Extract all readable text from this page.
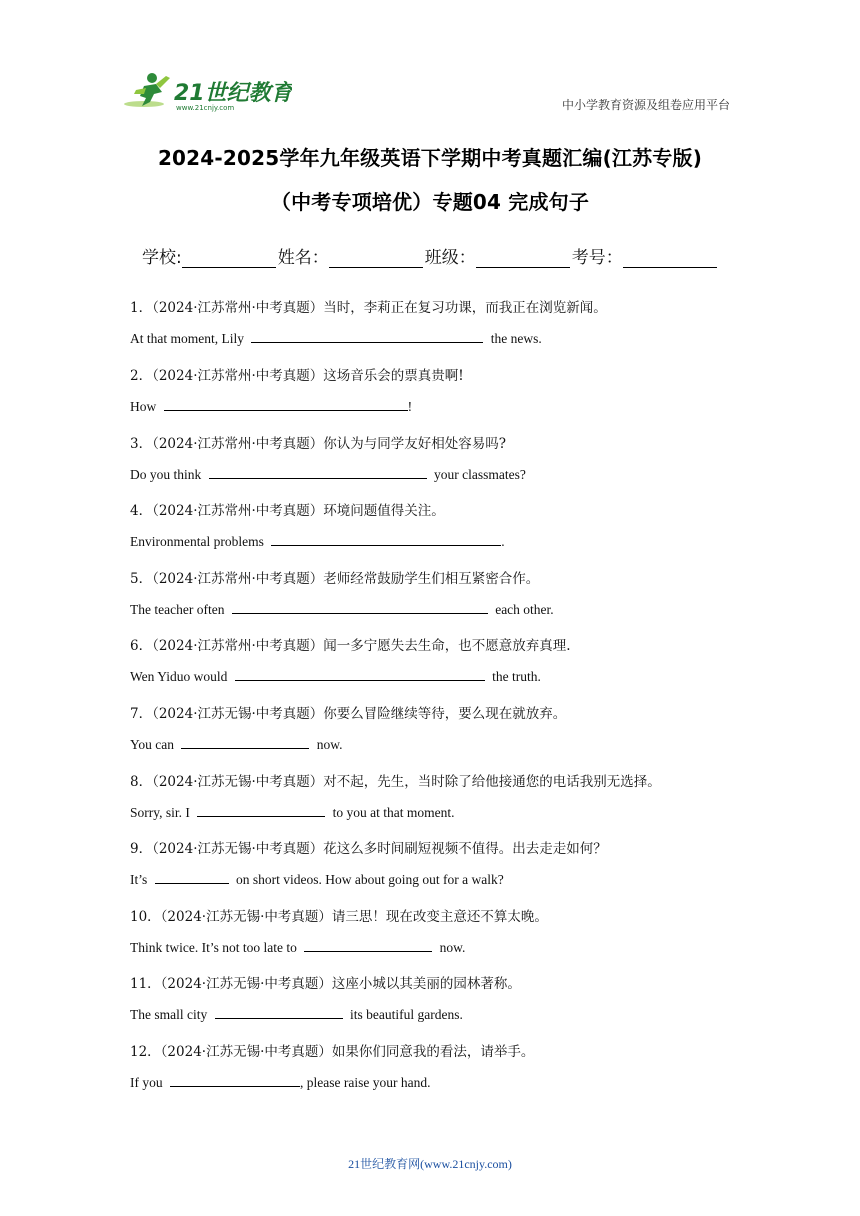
21世纪教育
www.21cnjy.com	中小学教育资源及组卷应用平台
2024-2025学年九年级英语下学期中考真题汇编(江苏专版)
（中考专项培优）专题04 完成句子
学校:	姓名：	班级：	考号：
1．（2024·江苏常州·中考真题）当时，李莉正在复习功课，而我正在浏览新闻。
At that moment, Lily	the news.
2．（2024·江苏常州·中考真题）这场音乐会的票真贵啊!
How	!
3．（2024·江苏常州·中考真题）你认为与同学友好相处容易吗?
Do you think	your classmates?
4．（2024·江苏常州·中考真题）环境问题值得关注。
Environmental problems	.
5．（2024·江苏常州·中考真题）老师经常鼓励学生们相互紧密合作。
The teacher often	each other.
6．（2024·江苏常州·中考真题）闻一多宁愿失去生命，也不愿意放弃真理.
Wen Yiduo would	the truth.
7．（2024·江苏无锡·中考真题）你要么冒险继续等待，要么现在就放弃。
You can	now.
8．（2024·江苏无锡·中考真题）对不起，先生，当时除了给他接通您的电话我别无选择。
Sorry, sir. I	to you at that moment.
9．（2024·江苏无锡·中考真题）花这么多时间刷短视频不值得。出去走走如何？
It’s	on short videos. How about going out for a walk?
10．（2024·江苏无锡·中考真题）请三思！现在改变主意还不算太晚。
Think twice. It’s not too late to	now.
11．（2024·江苏无锡·中考真题）这座小城以其美丽的园林著称。
The small city	its beautiful gardens.
12．（2024·江苏无锡·中考真题）如果你们同意我的看法，请举手。
If you	, please raise your hand.
21世纪教育网(www.21cnjy.com)
